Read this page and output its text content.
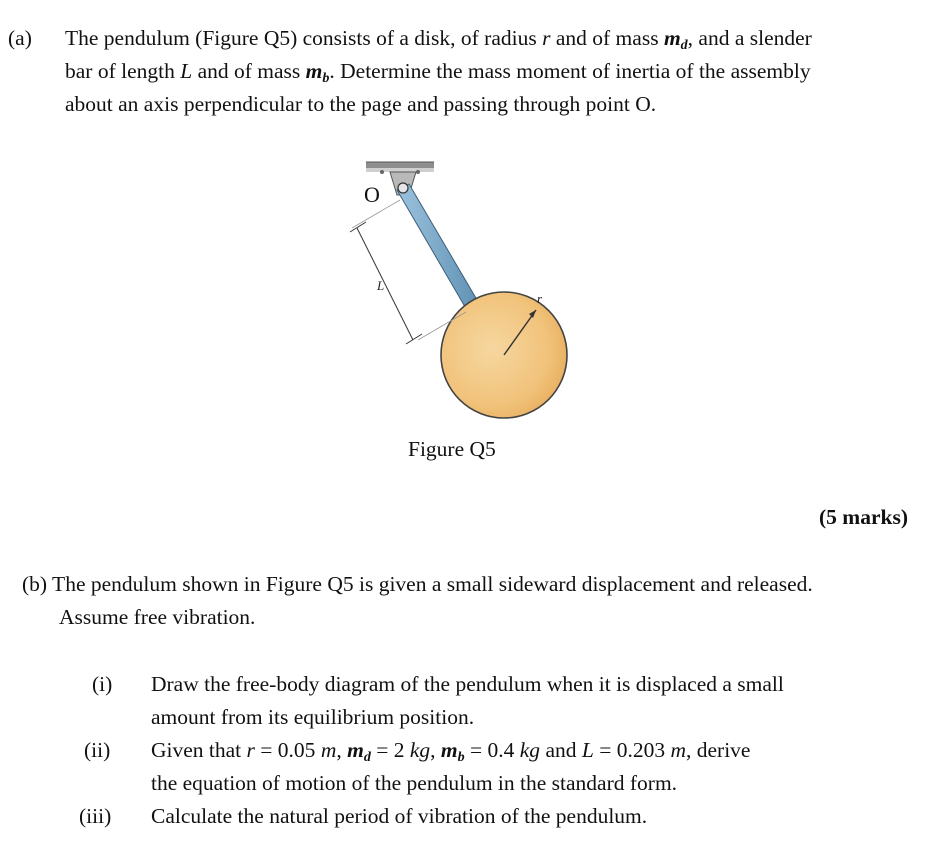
(a) The pendulum (Figure Q5) consists of a disk, of radius r and of mass $m_d$, and a slender
bar of length L and of mass $m_b$. Determine the mass moment of inertia of the assembly
about an axis perpendicular to the page and passing through point O.
O
L
r
Figure Q5
(5 marks)
(b) The pendulum shown in Figure Q5 is given a small sideward displacement and released.
Assume free vibration.
(i) Draw the free-body diagram of the pendulum when it is displaced a small
amount from its equilibrium position.
(ii) Given that r = 0.05 m, $m_d = 2$ kg, $m_b = 0.4$ kg and L = 0.203 m, derive
the equation of motion of the pendulum in the standard form.
(iii) Calculate the natural period of vibration of the pendulum.
